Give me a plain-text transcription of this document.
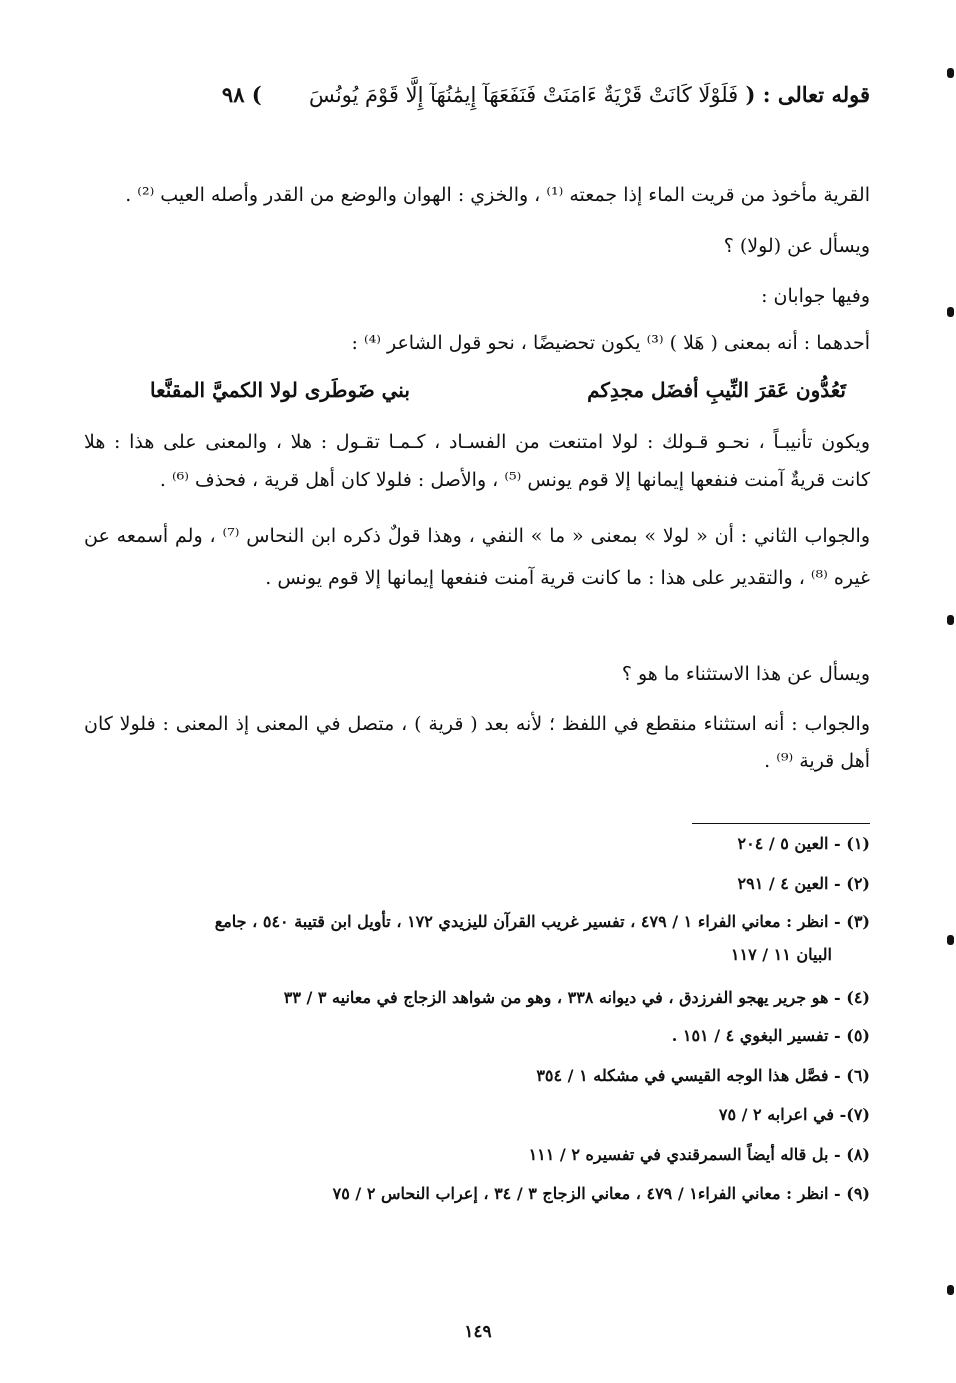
قوله تعالى : ( فَلَوْلَا كَانَتْ قَرْيَةٌ ءَامَنَتْ فَنَفَعَهَآ إِيمَٰنُهَآ إِلَّا قَوْمَ يُونُسَ ) ٩٨
القرية مأخوذ من قريت الماء إذا جمعته ⁽¹⁾ ، والخزي : الهوان والوضع من القدر وأصله العيب ⁽²⁾ .
ويسأل عن (لولا) ؟
وفيها جوابان :
أحدهما : أنه بمعنى ( هَلا ) ⁽³⁾ يكون تحضيضًا ، نحو قول الشاعر ⁽⁴⁾ :
تَعُدُّون عَقرَ النِّيبِ أفضَل مجدِكم
بني ضَوطَرى لولا الكميَّ المقنَّعا
ويكون تأنيبـاً ، نحـو قـولك : لولا امتنعت من الفسـاد ، كـمـا تقـول : هلا ، والمعنى على هذا : هلا
كانت قريةٌ آمنت فنفعها إيمانها إلا قوم يونس ⁽⁵⁾ ، والأصل : فلولا كان أهل قرية ، فحذف ⁽⁶⁾ .
والجواب الثاني : أن « لولا » بمعنى « ما » النفي ، وهذا قولٌ ذكره ابن النحاس ⁽⁷⁾ ، ولم أسمعه عن
غيره ⁽⁸⁾ ، والتقدير على هذا : ما كانت قرية آمنت فنفعها إيمانها إلا قوم يونس .
ويسأل عن هذا الاستثناء ما هو ؟
والجواب : أنه استثناء منقطع في اللفظ ؛ لأنه بعد ( قرية ) ، متصل في المعنى إذ المعنى : فلولا كان
أهل قرية ⁽⁹⁾ .
(١) - العين ٥ / ٢٠٤
(٢) - العين ٤ / ٢٩١
(٣) - انظر : معاني الفراء ١ / ٤٧٩ ، تفسير غريب القرآن لليزيدي ١٧٢ ، تأويل ابن قتيبة ٥٤٠ ، جامع
البيان ١١ / ١١٧
(٤) - هو جرير يهجو الفرزدق ، في ديوانه ٣٣٨ ، وهو من شواهد الزجاج في معانيه ٣ / ٣٣
(٥) - تفسير البغوي ٤ / ١٥١ .
(٦) - فصَّل هذا الوجه القيسي في مشكله ١ / ٣٥٤
(٧)- في اعرابه ٢ / ٧٥
(٨) - بل قاله أيضاً السمرقندي في تفسيره ٢ / ١١١
(٩) - انظر : معاني الفراء١ / ٤٧٩ ، معاني الزجاج ٣ / ٣٤ ، إعراب النحاس ٢ / ٧٥
١٤٩
